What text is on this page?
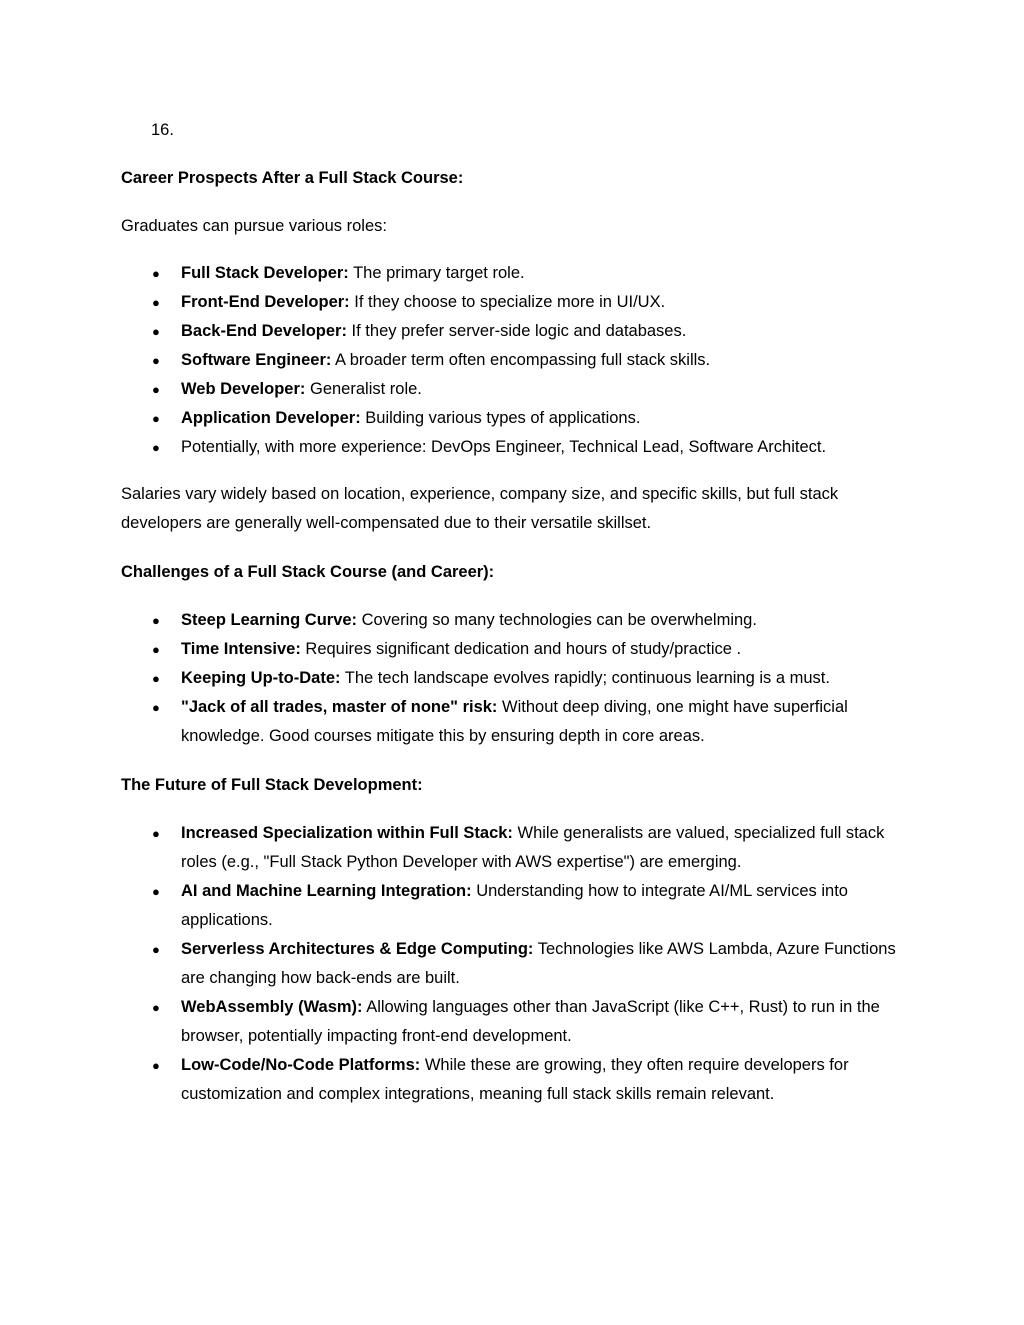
16.

Career Prospects After a Full Stack Course:

Graduates can pursue various roles:

● Full Stack Developer: The primary target role.
● Front-End Developer: If they choose to specialize more in UI/UX.
● Back-End Developer: If they prefer server-side logic and databases.
● Software Engineer: A broader term often encompassing full stack skills.
● Web Developer: Generalist role.
● Application Developer: Building various types of applications.
● Potentially, with more experience: DevOps Engineer, Technical Lead, Software Architect.

Salaries vary widely based on location, experience, company size, and specific skills, but full stack developers are generally well-compensated due to their versatile skillset.

Challenges of a Full Stack Course (and Career):

● Steep Learning Curve: Covering so many technologies can be overwhelming.
● Time Intensive: Requires significant dedication and hours of study/practice .
● Keeping Up-to-Date: The tech landscape evolves rapidly; continuous learning is a must.
● "Jack of all trades, master of none" risk: Without deep diving, one might have superficial knowledge. Good courses mitigate this by ensuring depth in core areas.

The Future of Full Stack Development:

● Increased Specialization within Full Stack: While generalists are valued, specialized full stack roles (e.g., "Full Stack Python Developer with AWS expertise") are emerging.
● AI and Machine Learning Integration: Understanding how to integrate AI/ML services into applications.
● Serverless Architectures & Edge Computing: Technologies like AWS Lambda, Azure Functions are changing how back-ends are built.
● WebAssembly (Wasm): Allowing languages other than JavaScript (like C++, Rust) to run in the browser, potentially impacting front-end development.
● Low-Code/No-Code Platforms: While these are growing, they often require developers for customization and complex integrations, meaning full stack skills remain relevant.
